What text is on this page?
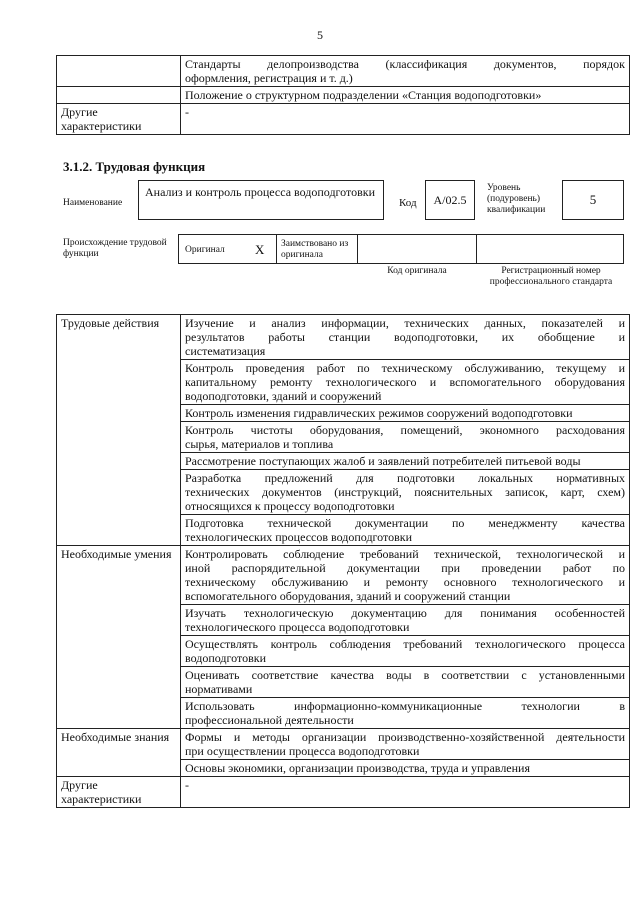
5

	Стандарты делопроизводства (классификация документов, порядок
оформления, регистрация и т. д.)

	Положение о структурном подразделении «Станция водоподготовки»

Другие характеристики	-
3.1.2. Трудовая функция
Наименование
Анализ и контроль процесса водоподготовки
Код	A/02.5
Уровень (подуровень) квалификации
5
Происхождение трудовой функции	Оригинал X Заимствовано из оригинала
Код оригинала	Регистрационный номер профессионального стандарта
Трудовые действия	Изучение и анализ информации, технических данных, показателей и
результатов работы станции водоподготовки, их обобщение и
систематизация

	Контроль проведения работ по техническому обслуживанию, текущему и
капитальному ремонту технологического и вспомогательного оборудования
водоподготовки, зданий и сооружений

	Контроль изменения гидравлических режимов сооружений водоподготовки

	Контроль чистоты оборудования, помещений, экономного расходования
сырья, материалов и топлива

	Рассмотрение поступающих жалоб и заявлений потребителей питьевой воды

	Разработка предложений для подготовки локальных нормативных
технических документов (инструкций, пояснительных записок, карт, схем)
относящихся к процессу водоподготовки

	Подготовка технической документации по менеджменту качества
технологических процессов водоподготовки

Необходимые умения	Контролировать соблюдение требований технической, технологической и
иной распорядительной документации при проведении работ по
техническому обслуживанию и ремонту основного технологического и
вспомогательного оборудования, зданий и сооружений станции

	Изучать технологическую документацию для понимания особенностей
технологического процесса водоподготовки

	Осуществлять контроль соблюдения требований технологического процесса
водоподготовки

	Оценивать соответствие качества воды в соответствии с установленными
нормативами

	Использовать информационно-коммуникационные технологии в
профессиональной деятельности

Необходимые знания	Формы и методы организации производственно-хозяйственной деятельности
при осуществлении процесса водоподготовки

	Основы экономики, организации производства, труда и управления

Другие характеристики	-
